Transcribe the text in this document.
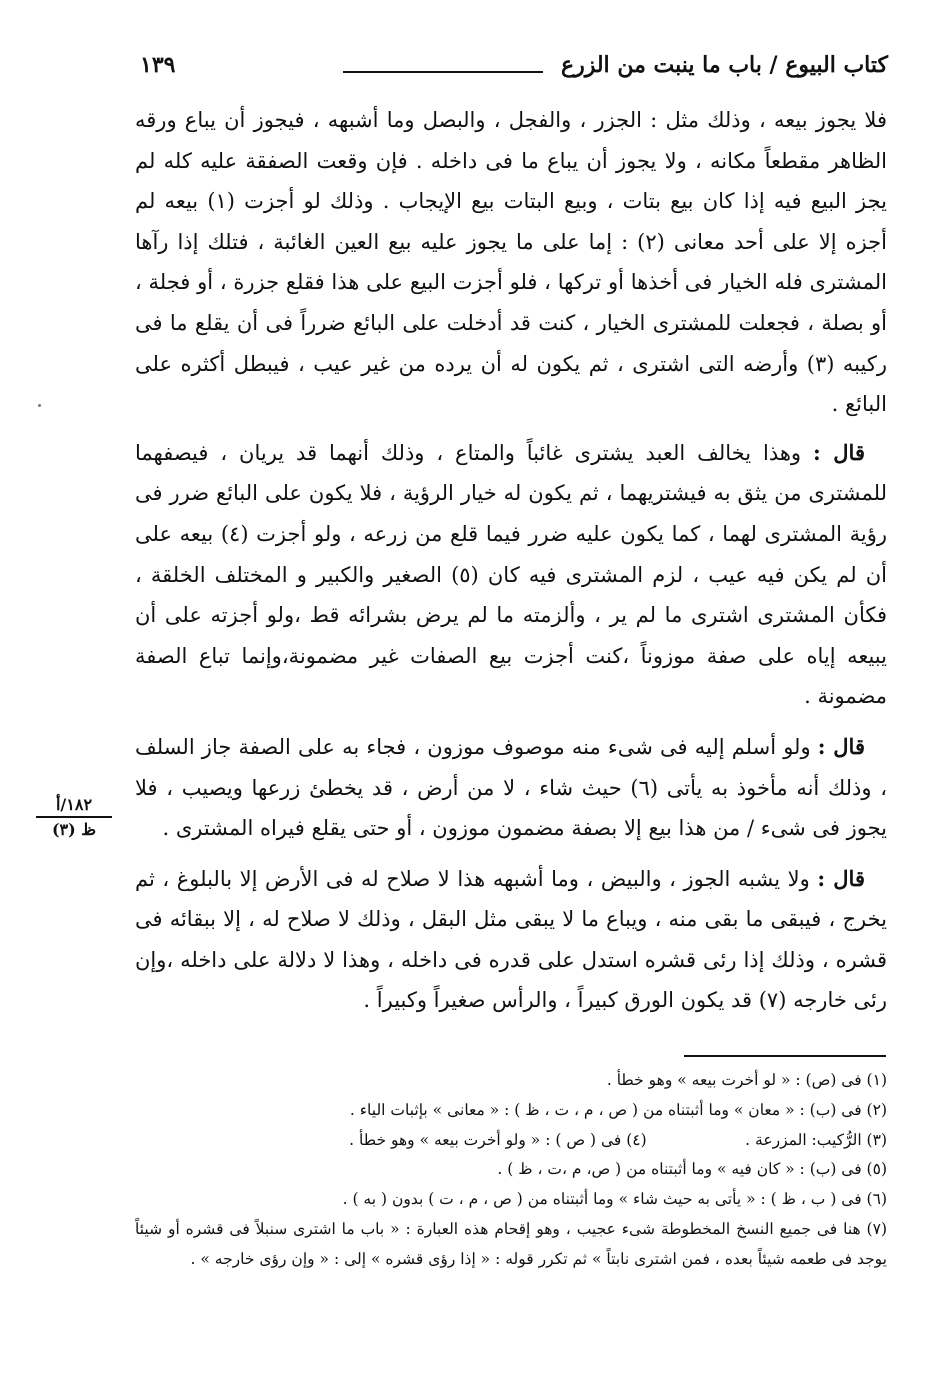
كتاب البيوع / باب ما ينبت من الزرع
١٣٩

فلا يجوز بيعه ، وذلك مثل : الجزر ، والفجل ، والبصل وما أشبهه ، فيجوز أن يباع ورقه الظاهر مقطعاً مكانه ، ولا يجوز أن يباع ما فى داخله . فإن وقعت الصفقة عليه كله لم يجز البيع فيه إذا كان بيع بتات ، وبيع البتات بيع الإيجاب . وذلك لو أجزت (١) بيعه لم أجزه إلا على أحد معانى (٢) : إما على ما يجوز عليه بيع العين الغائبة ، فتلك إذا رآها المشترى فله الخيار فى أخذها أو تركها ، فلو أجزت البيع على هذا فقلع جزرة ، أو فجلة ، أو بصلة ، فجعلت للمشترى الخيار ، كنت قد أدخلت على البائع ضرراً فى أن يقلع ما فى ركيبه (٣) وأرضه التى اشترى ، ثم يكون له أن يرده من غير عيب ، فيبطل أكثره على البائع .

قال : وهذا يخالف العبد يشترى غائباً والمتاع ، وذلك أنهما قد يريان ، فيصفهما للمشترى من يثق به فيشتريهما ، ثم يكون له خيار الرؤية ، فلا يكون على البائع ضرر فى رؤية المشترى لهما ، كما يكون عليه ضرر فيما قلع من زرعه ، ولو أجزت (٤) بيعه على أن لم يكن فيه عيب ، لزم المشترى فيه كان (٥) الصغير والكبير و المختلف الخلقة ، فكأن المشترى اشترى ما لم ير ، وألزمته ما لم يرض بشرائه قط ،ولو أجزته على أن يبيعه إياه على صفة موزوناً ،كنت أجزت بيع الصفات غير مضمونة،وإنما تباع الصفة مضمونة .

قال : ولو أسلم إليه فى شىء منه موصوف موزون ، فجاء به على الصفة جاز السلف ، وذلك أنه مأخوذ به يأتى (٦) حيث شاء ، لا من أرض ، قد يخطئ زرعها ويصيب ، فلا يجوز فى شىء / من هذا بيع إلا بصفة مضمون موزون ، أو حتى يقلع فيراه المشترى .

قال : ولا يشبه الجوز ، والبيض ، وما أشبهه هذا لا صلاح له فى الأرض إلا بالبلوغ ، ثم يخرج ، فيبقى ما بقى منه ، ويباع ما لا يبقى مثل البقل ، وذلك لا صلاح له ، إلا ببقائه فى قشره ، وذلك إذا رئى قشره استدل على قدره فى داخله ، وهذا لا دلالة على داخله ،وإن رئى خارجه (٧) قد يكون الورق كبيراً ، والرأس صغيراً وكبيراً .

١٨٢/أ
ظ (٣)

(١) فى (ص) : « لو أخرت بيعه » وهو خطأ .

(٢) فى (ب) : « معان » وما أثبتناه من ( ص ، م ، ت ، ظ ) : « معانى » بإثبات الياء .

(٣) الرُّكيب: المزرعة .                    (٤) فى ( ص ) : « ولو أخرت بيعه » وهو خطأ .

(٥) فى (ب) : « كان فيه » وما أثبتناه من ( ص، م ،ت ، ظ ) .

(٦) فى ( ب ، ظ ) : « يأتى به حيث شاء » وما أثبتناه من ( ص ، م ، ت ) بدون ( به ) .

(٧) هنا فى جميع النسخ المخطوطة شىء عجيب ، وهو إقحام هذه العبارة : « باب ما اشترى سنبلاً فى قشره أو شيئاً يوجد فى طعمه شيئاً بعده ، فمن اشترى نابتاً » ثم تكرر قوله : « إذا رؤى قشره » إلى : « وإن رؤى خارجه » .
